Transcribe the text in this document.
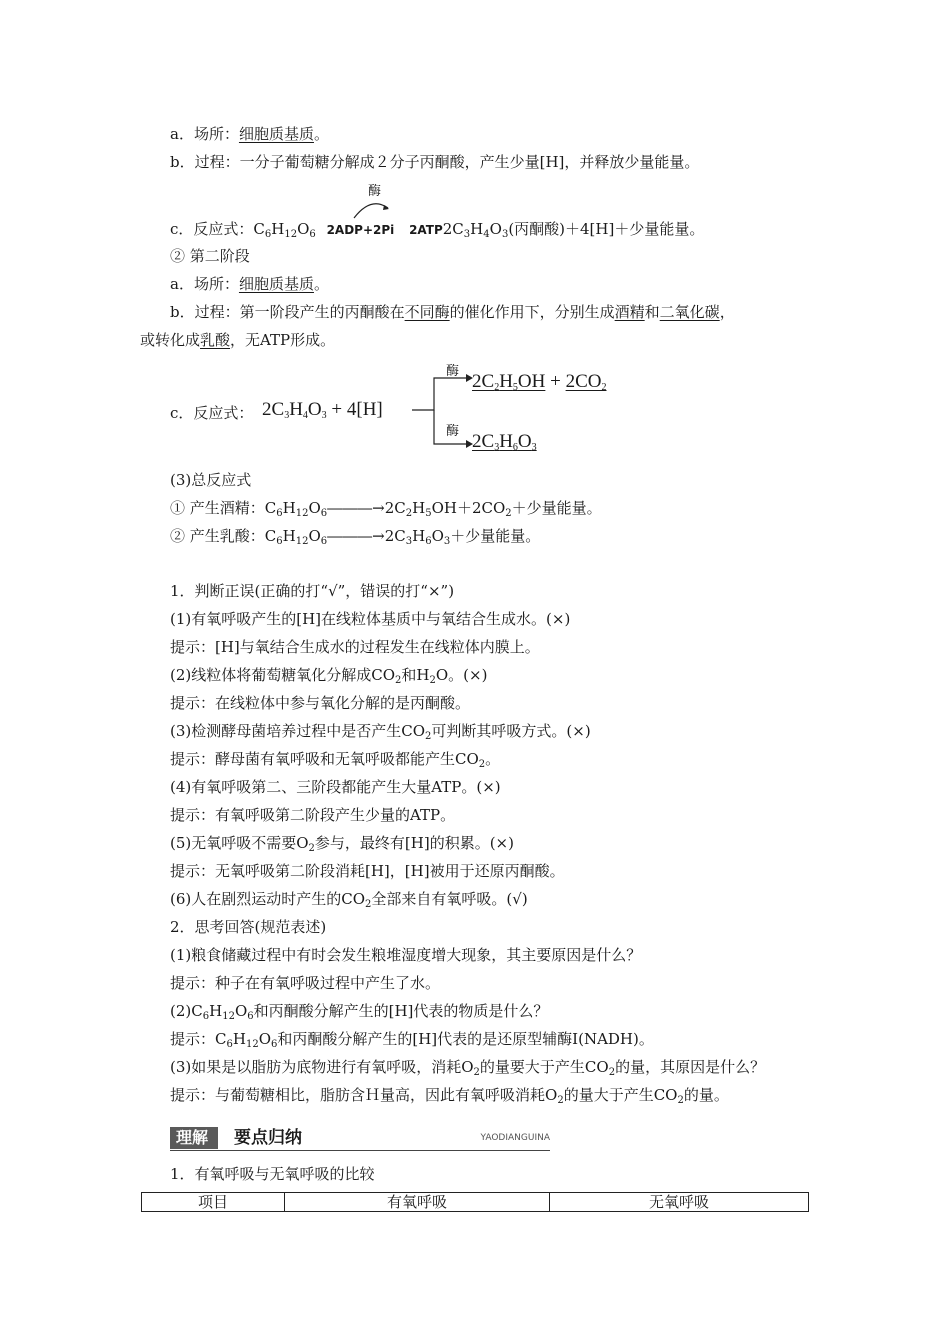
a．场所：细胞质基质。
b．过程：一分子葡萄糖分解成２分子丙酮酸，产生少量[H]，并释放少量能量。
酶
c．反应式：$C_6H_{12}O_6$ 2ADP+2Pi $2ATP2C_3H_4O_3$(丙酮酸)＋4[H]＋少量能量。
② 第二阶段
a．场所：细胞质基质。
b．过程：第一阶段产生的丙酮酸在不同酶的催化作用下，分别生成酒精和二氧化碳，
或转化成乳酸，无ATP形成。
c．反应式： $2C_3H_4O_3 + 4[H]$
酶
酶
$2C_2H_5OH + 2CO_2$
$2C_3H_6O_3$
(3)总反应式
① 产生酒精：$C_6H_{12}O_6―――\to 2C_2H_5OH+2CO_2+$少量能量。
② 产生乳酸：$C_6H_{12}O_6―――\to 2C_3H_6O_3+$少量能量。
1．判断正误(正确的打“√”，错误的打“×”)
(1)有氧呼吸产生的[H]在线粒体基质中与氧结合生成水。(×)
提示：[H]与氧结合生成水的过程发生在线粒体内膜上。
(2)线粒体将葡萄糖氧化分解成$CO_2$和$H_2O$。(×)
提示：在线粒体中参与氧化分解的是丙酮酸。
(3)检测酵母菌培养过程中是否产生$CO_2$可判断其呼吸方式。(×)
提示：酵母菌有氧呼吸和无氧呼吸都能产生$CO_2$。
(4)有氧呼吸第二、三阶段都能产生大量ATP。(×)
提示：有氧呼吸第二阶段产生少量的ATP。
(5)无氧呼吸不需要$O_2$参与，最终有[H]的积累。(×)
提示：无氧呼吸第二阶段消耗[H]，[H]被用于还原丙酮酸。
(6)人在剧烈运动时产生的$CO_2$全部来自有氧呼吸。(√)
2．思考回答(规范表述)
(1)粮食储藏过程中有时会发生粮堆湿度增大现象，其主要原因是什么？
提示：种子在有氧呼吸过程中产生了水。
$(2)C_6H_{12}O_6$和丙酮酸分解产生的[H]代表的物质是什么？
提示：$C_6H_{12}O_6$和丙酮酸分解产生的[H]代表的是还原型辅酶Ⅰ(NADH)。
(3)如果是以脂肪为底物进行有氧呼吸，消耗$O_2$的量要大于产生$CO_2$的量，其原因是什么？
提示：与葡萄糖相比，脂肪含Ｈ量高，因此有氧呼吸消耗$O_2$的量大于产生$CO_2$的量。
理解	要点归纳	YAODIANGUINA
1．有氧呼吸与无氧呼吸的比较
项目	有氧呼吸	无氧呼吸
